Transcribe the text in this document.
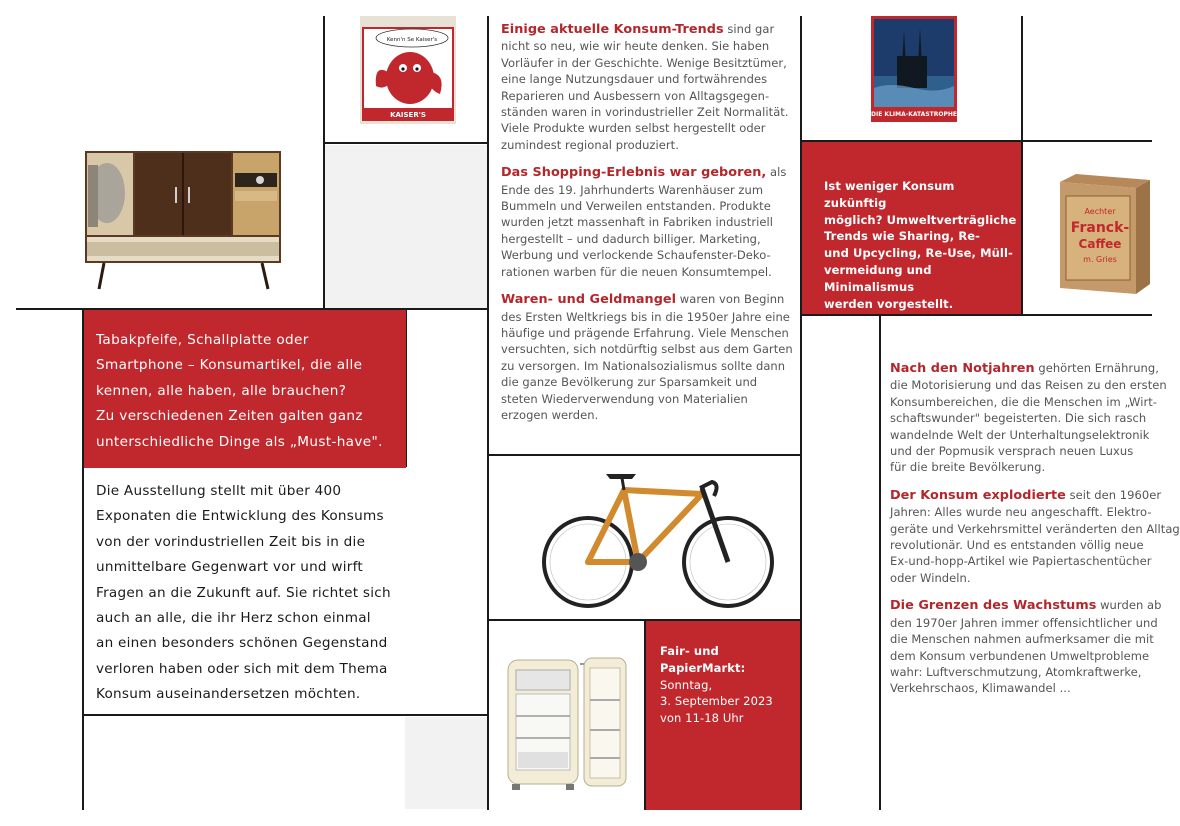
Kenn'n Se Kaiser's
KAISER'S	DIE KLIMA-KATASTROPHE
Aechter
Franck-
Caffee
m. Gries
Tabakpfeife, Schallplatte oder
Smartphone – Konsumartikel, die alle
kennen, alle haben, alle brauchen?
Zu verschiedenen Zeiten galten ganz
unterschiedliche Dinge als „Must-have".
Die Ausstellung stellt mit über 400
Exponaten die Entwicklung des Konsums
von der vorindustriellen Zeit bis in die
unmittelbare Gegenwart vor und wirft
Fragen an die Zukunft auf. Sie richtet sich
auch an alle, die ihr Herz schon einmal
an einen besonders schönen Gegenstand
verloren haben oder sich mit dem Thema
Konsum auseinandersetzen möchten.

Einige aktuelle Konsum-Trends sind gar
nicht so neu, wie wir heute denken. Sie haben
Vorläufer in der Geschichte. Wenige Besitztümer,
eine lange Nutzungsdauer und fortwährendes
Reparieren und Ausbessern von Alltagsgegen-
ständen waren in vorindustrieller Zeit Normalität.
Viele Produkte wurden selbst hergestellt oder
zumindest regional produziert.

Das Shopping-Erlebnis war geboren, als
Ende des 19. Jahrhunderts Warenhäuser zum
Bummeln und Verweilen entstanden. Produkte
wurden jetzt massenhaft in Fabriken industriell
hergestellt – und dadurch billiger. Marketing,
Werbung und verlockende Schaufenster-Deko-
rationen warben für die neuen Konsumtempel.

Waren- und Geldmangel waren von Beginn
des Ersten Weltkriegs bis in die 1950er Jahre eine
häufige und prägende Erfahrung. Viele Menschen
versuchten, sich notdürftig selbst aus dem Garten
zu versorgen. Im Nationalsozialismus sollte dann
die ganze Bevölkerung zur Sparsamkeit und
steten Wiederverwendung von Materialien
erzogen werden.

Ist weniger Konsum zukünftig
möglich? Umweltverträgliche
Trends wie Sharing, Re-
und Upcycling, Re-Use, Müll-
vermeidung und Minimalismus
werden vorgestellt.

Nach den Notjahren gehörten Ernährung,
die Motorisierung und das Reisen zu den ersten
Konsumbereichen, die die Menschen im „Wirt-
schaftswunder" begeisterten. Die sich rasch
wandelnde Welt der Unterhaltungselektronik
und der Popmusik versprach neuen Luxus
für die breite Bevölkerung.

Der Konsum explodierte seit den 1960er
Jahren: Alles wurde neu angeschafft. Elektro-
geräte und Verkehrsmittel veränderten den Alltag
revolutionär. Und es entstanden völlig neue
Ex-und-hopp-Artikel wie Papiertaschentücher
oder Windeln.

Die Grenzen des Wachstums wurden ab
den 1970er Jahren immer offensichtlicher und
die Menschen nahmen aufmerksamer die mit
dem Konsum verbundenen Umweltprobleme
wahr: Luftverschmutzung, Atomkraftwerke,
Verkehrschaos, Klimawandel ...

Fair- und
PapierMarkt:
Sonntag,
3. September 2023
von 11-18 Uhr
